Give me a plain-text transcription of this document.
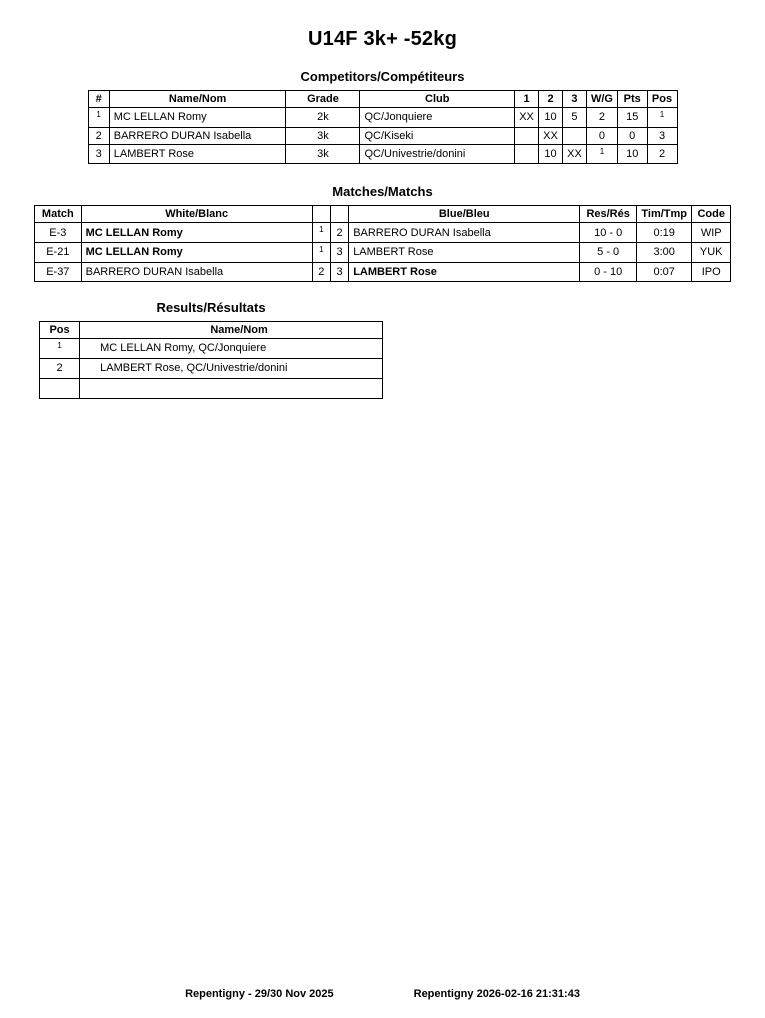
U14F 3k+ -52kg
Competitors/Compétiteurs
#	Name/Nom	Grade	Club	1	2	3	W/G	Pts	Pos
$^1$	MC LELLAN Romy	2k	QC/Jonquiere	XX	10	5	2	15	$^1$
2	BARRERO DURAN Isabella	3k	QC/Kiseki		XX		0	0	3
3	LAMBERT Rose	3k	QC/Univestrie/donini		10	XX	$^1$	10	2
Matches/Matchs
Match	White/Blanc			Blue/Bleu	Res/Rés	Tim/Tmp	Code
E-3	MC LELLAN Romy	$^1$	2	BARRERO DURAN Isabella	10 - 0	0:19	WIP
E-21	MC LELLAN Romy	$^1$	3	LAMBERT Rose	5 - 0	3:00	YUK
E-37	BARRERO DURAN Isabella	2	3	LAMBERT Rose	0 - 10	0:07	IPO
Results/Résultats
Pos	Name/Nom
$^1$	MC LELLAN Romy, QC/Jonquiere
2	LAMBERT Rose, QC/Univestrie/donini

Repentigny - 29/30 Nov 2025	Repentigny 2026-02-16 21:31:43
